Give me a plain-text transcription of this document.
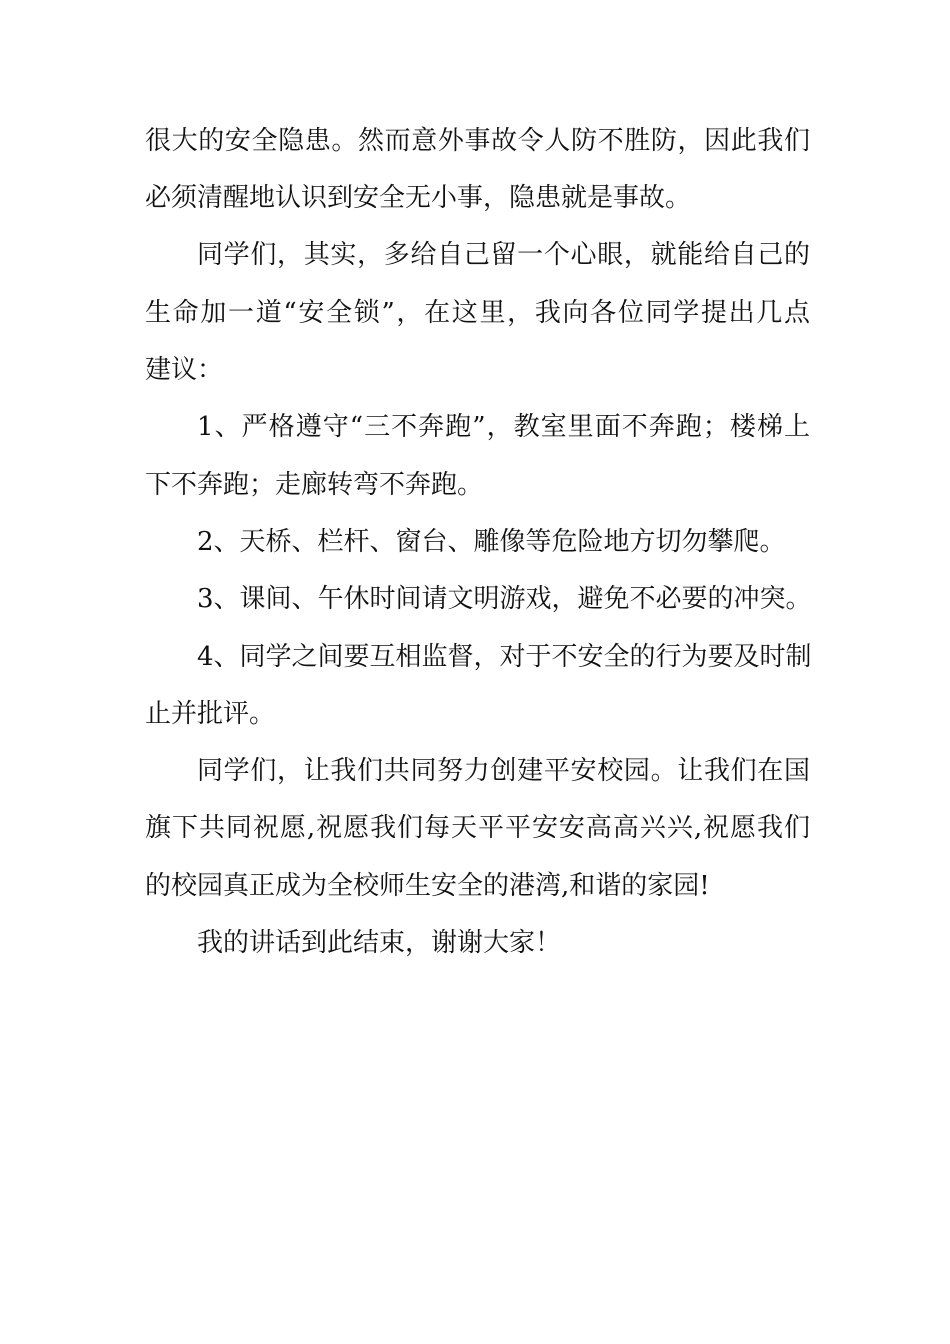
很大的安全隐患。然而意外事故令人防不胜防，因此我们
必须清醒地认识到安全无小事，隐患就是事故。
同学们，其实，多给自己留一个心眼，就能给自己的
生命加一道“安全锁”，在这里，我向各位同学提出几点
建议：
1、严格遵守“三不奔跑”，教室里面不奔跑；楼梯上
下不奔跑；走廊转弯不奔跑。
2、天桥、栏杆、窗台、雕像等危险地方切勿攀爬。
3、课间、午休时间请文明游戏，避免不必要的冲突。
4、同学之间要互相监督，对于不安全的行为要及时制
止并批评。
同学们，让我们共同努力创建平安校园。让我们在国
旗下共同祝愿,祝愿我们每天平平安安高高兴兴,祝愿我们
的校园真正成为全校师生安全的港湾,和谐的家园!
我的讲话到此结束，谢谢大家！
